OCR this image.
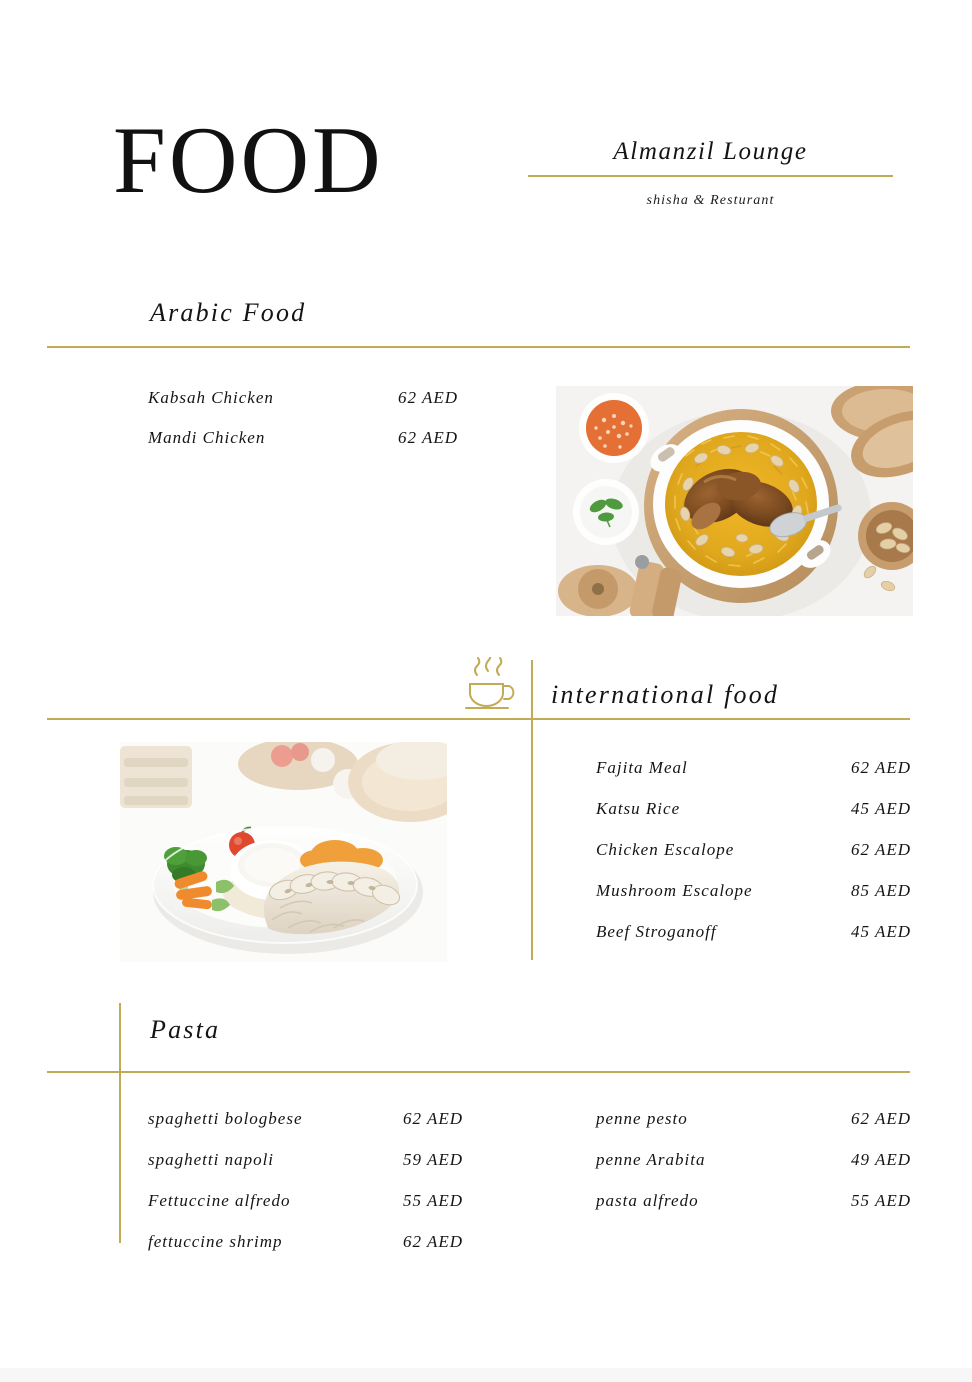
FOOD	Almanzil Lounge
shisha & Resturant
Arabic Food
Kabsah Chicken	62 AED
Mandi Chicken	62 AED
international food
Fajita Meal	62 AED
Katsu Rice	45 AED
Chicken Escalope	62 AED
Mushroom Escalope	85 AED
Beef Stroganoff	45 AED
Pasta
spaghetti bologbese	62 AED
spaghetti napoli	59 AED
Fettuccine alfredo	55 AED
fettuccine shrimp	62 AED
penne pesto	62 AED
penne Arabita	49 AED
pasta alfredo	55 AED
